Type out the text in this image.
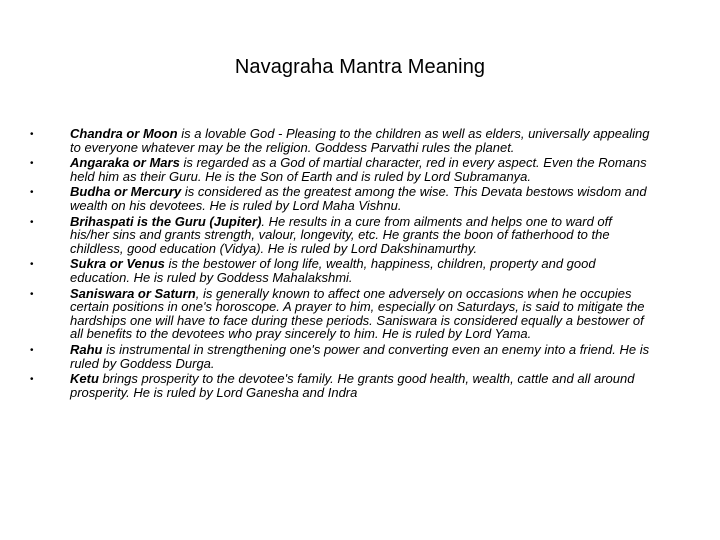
Navagraha Mantra Meaning
•	Chandra or Moon is a lovable God - Pleasing to the children as well as elders, universally appealing to everyone whatever may be the religion. Goddess Parvathi rules the planet.
•	Angaraka or Mars is regarded as a God of martial character, red in every aspect. Even the Romans held him as their Guru. He is the Son of Earth and is ruled by Lord Subramanya.
•	Budha or Mercury is considered as the greatest among the wise. This Devata bestows wisdom and wealth on his devotees. He is ruled by Lord Maha Vishnu.
•	Brihaspati is the Guru (Jupiter). He results in a cure from ailments and helps one to ward off his/her sins and grants strength, valour, longevity, etc. He grants the boon of fatherhood to the childless, good education (Vidya). He is ruled by Lord Dakshinamurthy.
•	Sukra or Venus is the bestower of long life, wealth, happiness, children, property and good education. He is ruled by Goddess Mahalakshmi.
•	Saniswara or Saturn, is generally known to affect one adversely on occasions when he occupies certain positions in one's horoscope. A prayer to him, especially on Saturdays, is said to mitigate the hardships one will have to face during these periods. Saniswara is considered equally a bestower of all benefits to the devotees who pray sincerely to him. He is ruled by Lord Yama.
•	Rahu is instrumental in strengthening one's power and converting even an enemy into a friend. He is ruled by Goddess Durga.
•	Ketu brings prosperity to the devotee's family. He grants good health, wealth, cattle and all around prosperity. He is ruled by Lord Ganesha and Indra
